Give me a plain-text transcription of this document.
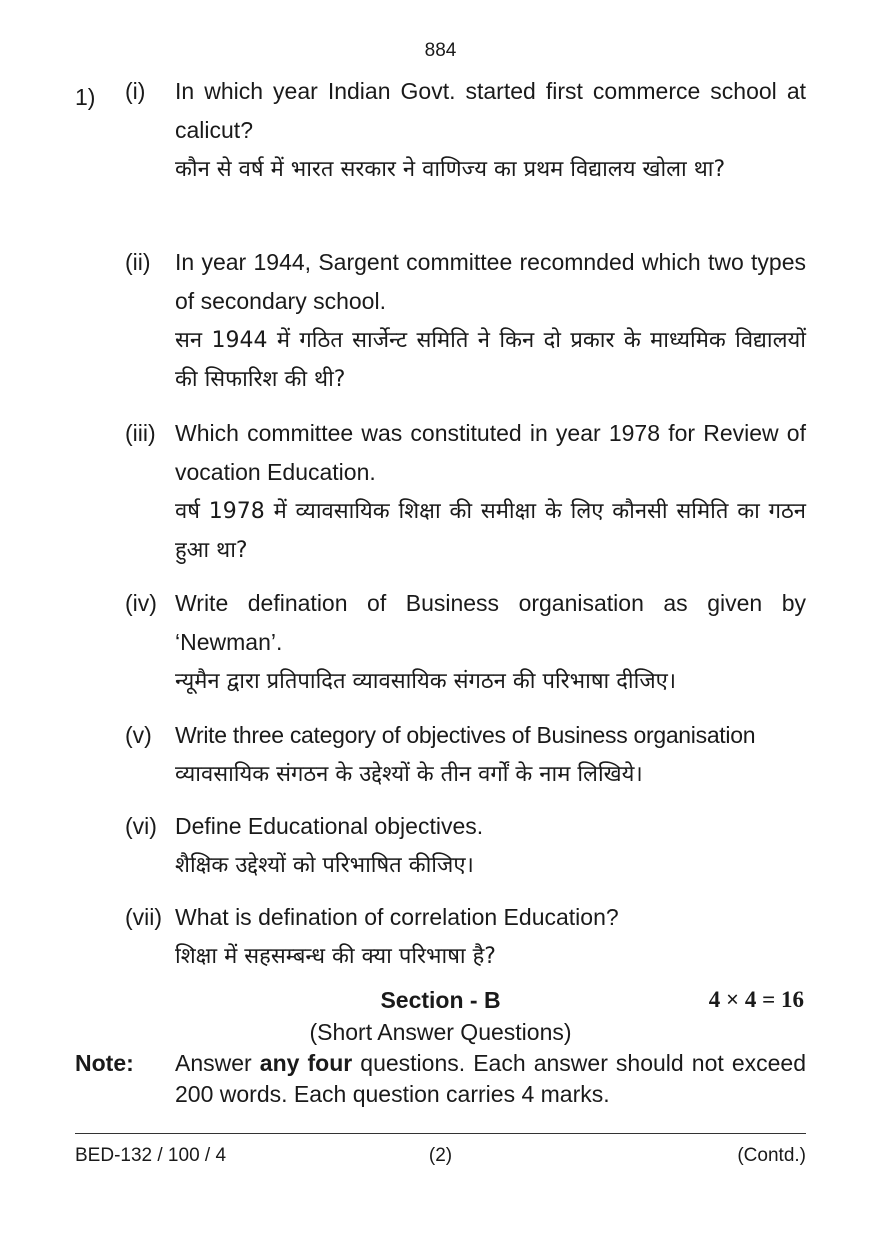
884
1) (i) In which year Indian Govt. started first commerce school at calicut?

कौन से वर्ष में भारत सरकार ने वाणिज्य का प्रथम विद्यालय खोला था?

(ii) In year 1944, Sargent committee recomnded which two types of secondary school.

सन 1944 में गठित सार्जेन्ट समिति ने किन दो प्रकार के माध्यमिक विद्यालयों की सिफारिश की थी?

(iii) Which committee was constituted in year 1978 for Review of vocation Education.

वर्ष 1978 में व्यावसायिक शिक्षा की समीक्षा के लिए कौनसी समिति का गठन हुआ था?

(iv) Write defination of Business organisation as given by ‘Newman’.

न्यूमैन द्वारा प्रतिपादित व्यावसायिक संगठन की परिभाषा दीजिए।

(v) Write three category of objectives of Business organisation

व्यावसायिक संगठन के उद्देश्यों के तीन वर्गों के नाम लिखिये।

(vi) Define Educational objectives.

शैक्षिक उद्देश्यों को परिभाषित कीजिए।

(vii) What is defination of correlation Education?

शिक्षा में सहसम्बन्ध की क्या परिभाषा है?

Section - B	4 × 4 = 16
(Short Answer Questions)
Note: Answer any four questions. Each answer should not exceed 200 words. Each question carries 4 marks.

BED-132 / 100 / 4	(2)	(Contd.)
